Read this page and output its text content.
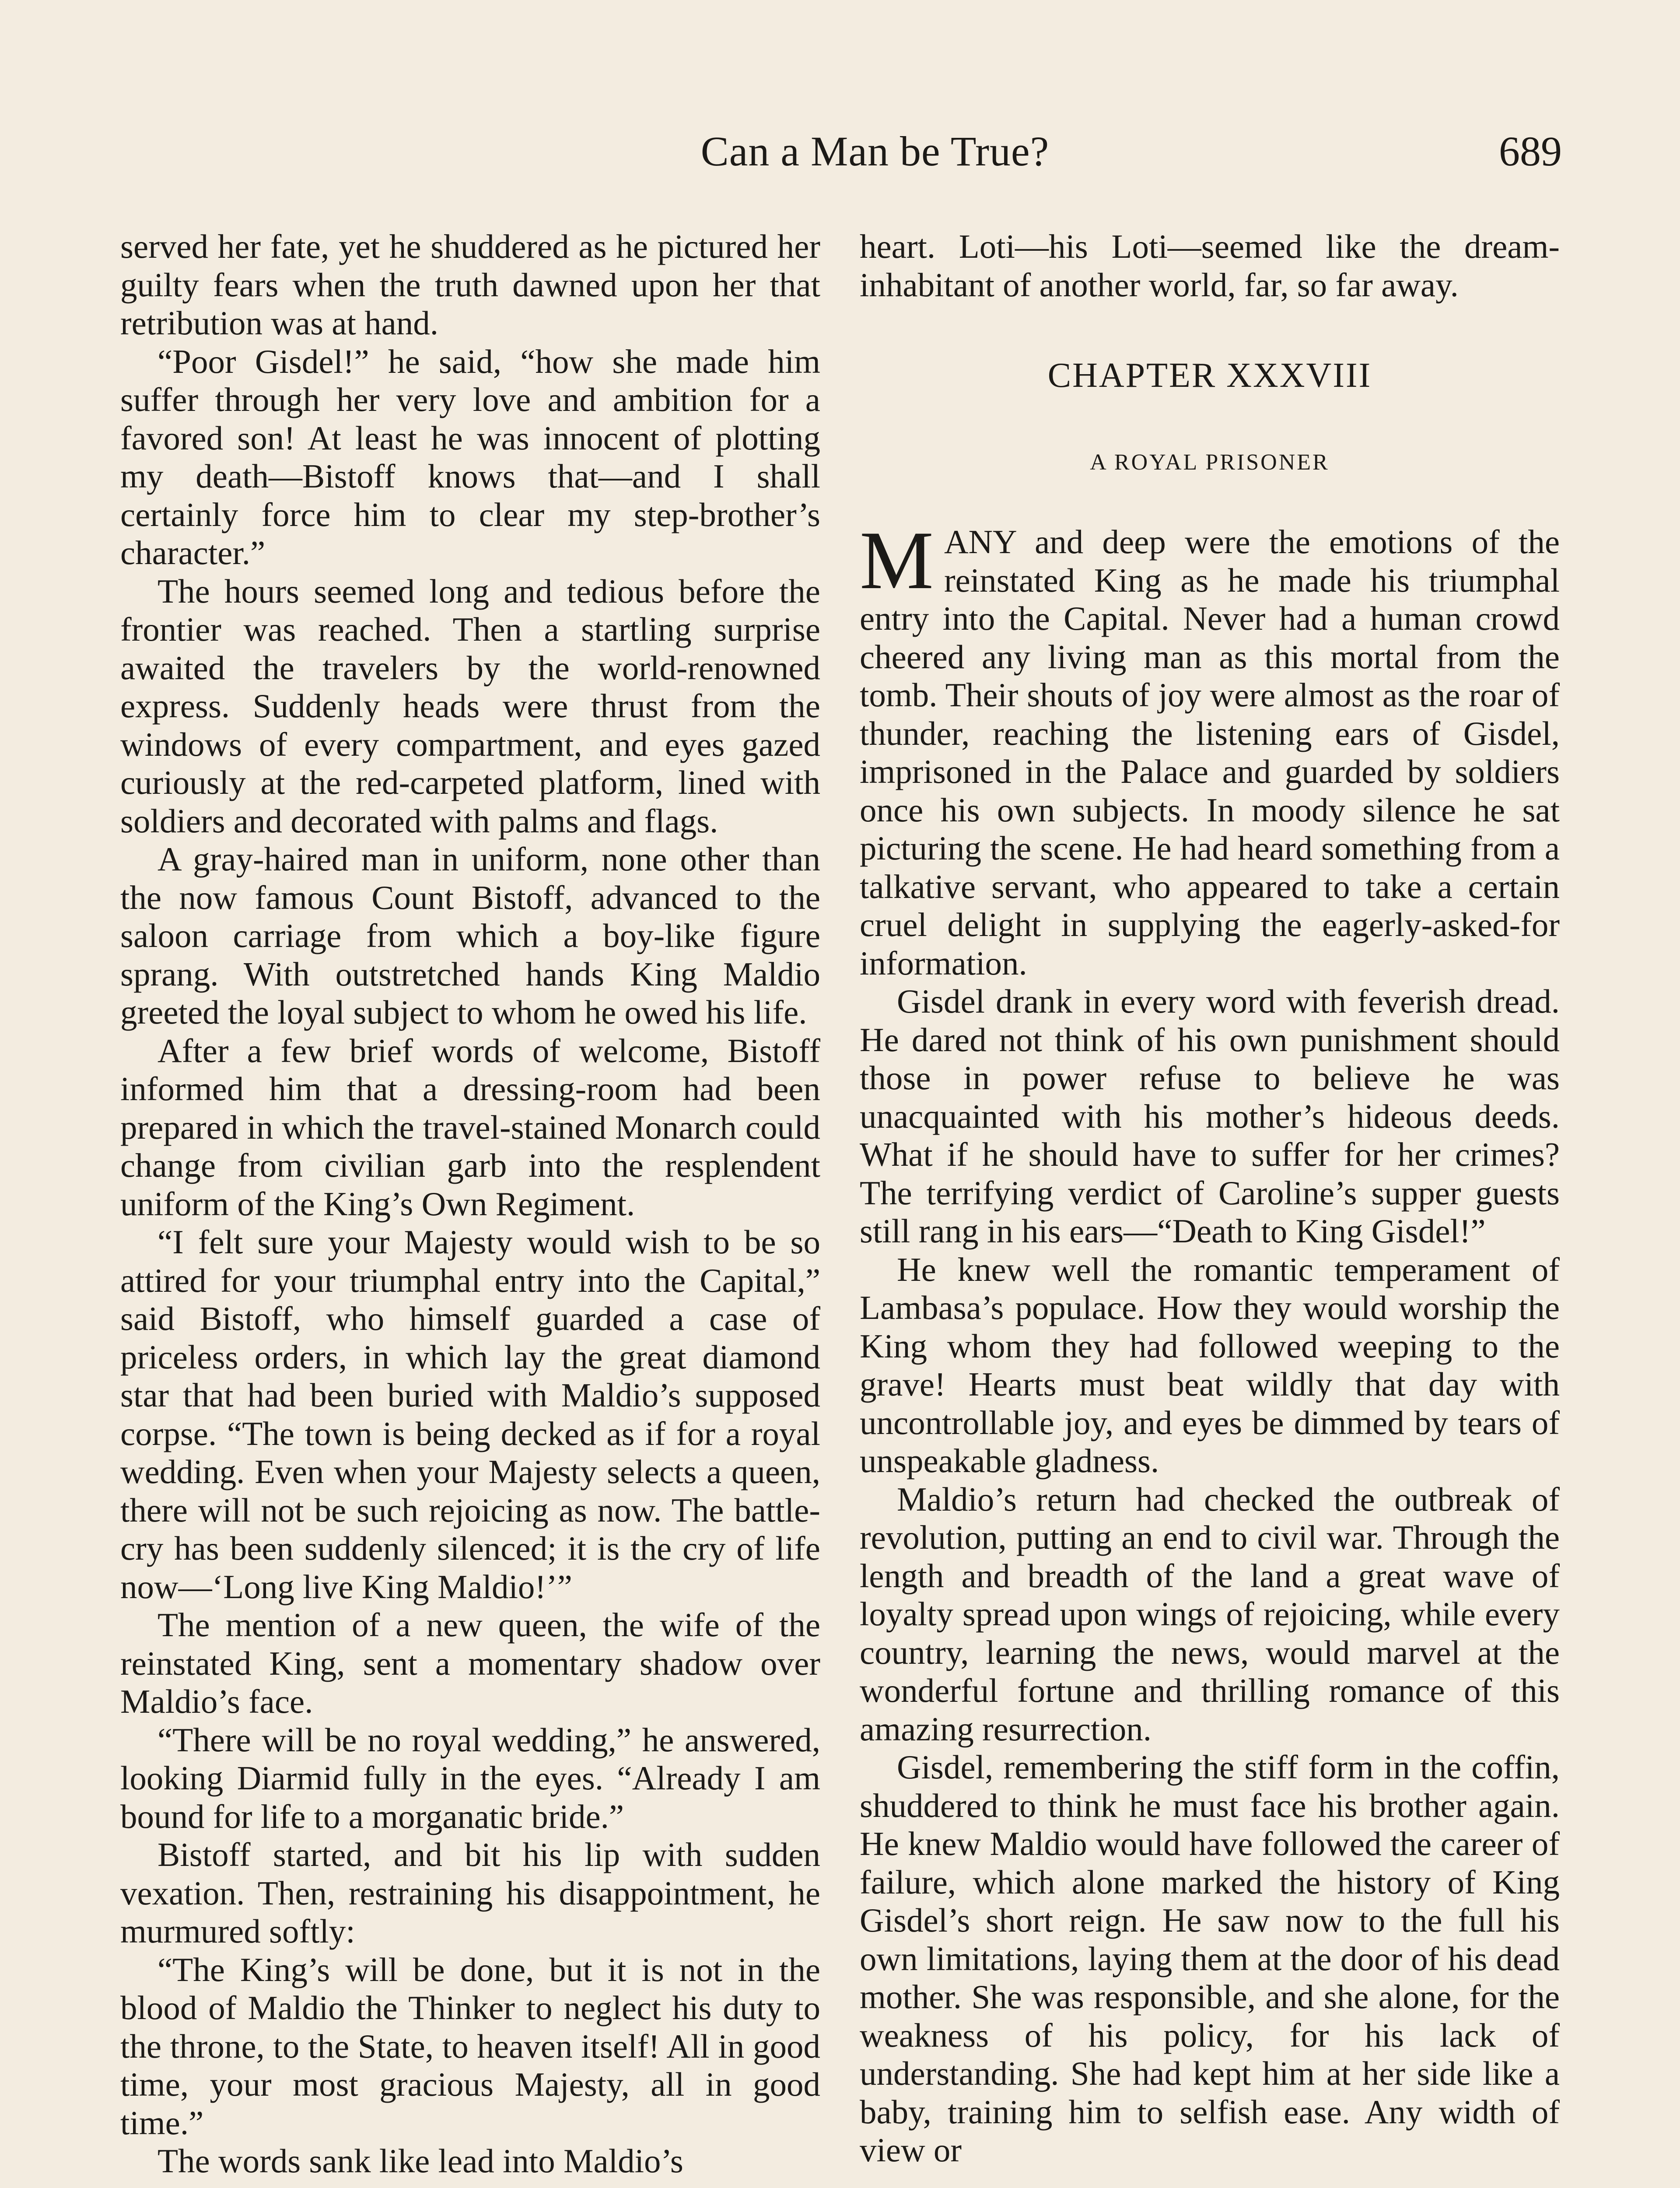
Can a Man be True?	689

served her fate, yet he shuddered as he pictured her guilty fears when the truth dawned upon her that retribution was at hand.

“Poor Gisdel!” he said, “how she made him suffer through her very love and ambition for a favored son! At least he was innocent of plotting my death—Bistoff knows that—and I shall certainly force him to clear my step-brother’s character.”

The hours seemed long and tedious before the frontier was reached. Then a startling surprise awaited the travelers by the world-renowned express. Suddenly heads were thrust from the windows of every compartment, and eyes gazed curiously at the red-carpeted platform, lined with soldiers and decorated with palms and flags.

A gray-haired man in uniform, none other than the now famous Count Bistoff, advanced to the saloon carriage from which a boy-like figure sprang. With outstretched hands King Maldio greeted the loyal subject to whom he owed his life.

After a few brief words of welcome, Bistoff informed him that a dressing-room had been prepared in which the travel-stained Monarch could change from civilian garb into the resplendent uniform of the King’s Own Regiment.

“I felt sure your Majesty would wish to be so attired for your triumphal entry into the Capital,” said Bistoff, who himself guarded a case of priceless orders, in which lay the great diamond star that had been buried with Maldio’s supposed corpse. “The town is being decked as if for a royal wedding. Even when your Majesty selects a queen, there will not be such rejoicing as now. The battle-cry has been suddenly silenced; it is the cry of life now—‘Long live King Maldio!’”

The mention of a new queen, the wife of the reinstated King, sent a momentary shadow over Maldio’s face.

“There will be no royal wedding,” he answered, looking Diarmid fully in the eyes. “Already I am bound for life to a morganatic bride.”

Bistoff started, and bit his lip with sudden vexation. Then, restraining his disappointment, he murmured softly:

“The King’s will be done, but it is not in the blood of Maldio the Thinker to neglect his duty to the throne, to the State, to heaven itself! All in good time, your most gracious Majesty, all in good time.”

The words sank like lead into Maldio’s

heart. Loti—his Loti—seemed like the dream-inhabitant of another world, far, so far away.

CHAPTER XXXVIII
A ROYAL PRISONER

MANY and deep were the emotions of the reinstated King as he made his triumphal entry into the Capital. Never had a human crowd cheered any living man as this mortal from the tomb. Their shouts of joy were almost as the roar of thunder, reaching the listening ears of Gisdel, imprisoned in the Palace and guarded by soldiers once his own subjects. In moody silence he sat picturing the scene. He had heard something from a talkative servant, who appeared to take a certain cruel delight in supplying the eagerly-asked-for information.

Gisdel drank in every word with feverish dread. He dared not think of his own punishment should those in power refuse to believe he was unacquainted with his mother’s hideous deeds. What if he should have to suffer for her crimes? The terrifying verdict of Caroline’s supper guests still rang in his ears—“Death to King Gisdel!”

He knew well the romantic temperament of Lambasa’s populace. How they would worship the King whom they had followed weeping to the grave! Hearts must beat wildly that day with uncontrollable joy, and eyes be dimmed by tears of unspeakable gladness.

Maldio’s return had checked the outbreak of revolution, putting an end to civil war. Through the length and breadth of the land a great wave of loyalty spread upon wings of rejoicing, while every country, learning the news, would marvel at the wonderful fortune and thrilling romance of this amazing resurrection.

Gisdel, remembering the stiff form in the coffin, shuddered to think he must face his brother again. He knew Maldio would have followed the career of failure, which alone marked the history of King Gisdel’s short reign. He saw now to the full his own limitations, laying them at the door of his dead mother. She was responsible, and she alone, for the weakness of his policy, for his lack of understanding. She had kept him at her side like a baby, training him to selfish ease. Any width of view or
